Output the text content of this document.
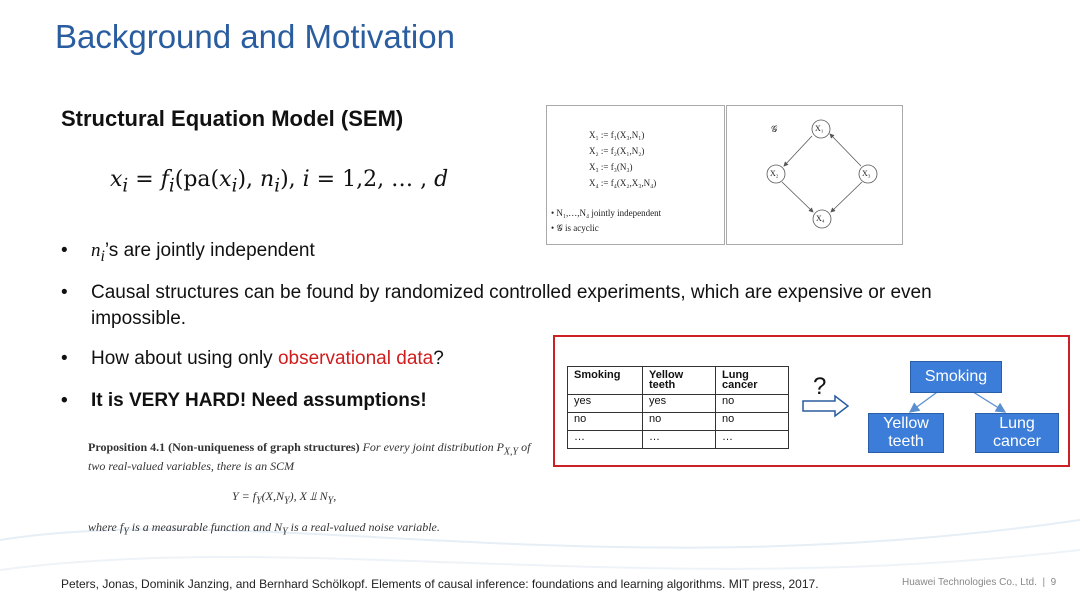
Background and Motivation
Structural Equation Model (SEM)
$x_i = f_i(pa(x_i)$, $n_i$), i = 1,2, … , d
• $n_i’s$ are jointly independent
• Causal structures can be found by randomized controlled experiments, which are expensive or even impossible.
• How about using only observational data?
• It is VERY HARD! Need assumptions!
X₁ := f₁(X₃,N₁)
X₂ := f₂(X₁,N₂)
X₃ := f₃(N₃)
X₄ := f₄(X₂,X₃,N₄)
• N₁,…,N₄ jointly independent
• 𝒢 is acyclic
𝒢	X₁
X₂	X₃
X₄
Proposition 4.1 (Non-uniqueness of graph structures) For every joint distribution $P_{X,Y}$ of two real-valued variables, there is an SCM
$Y = f_Y(X,N_Y)$, X ⫫ $N_Y$,
where $f_Y$ is a measurable function and $N_Y$ is a real-valued noise variable.
Smoking	Yellow teeth	Lung cancer
yes	yes	no
no	no	no
…	…	…
?	Smoking
Yellow teeth
Lung cancer
Peters, Jonas, Dominik Janzing, and Bernhard Schölkopf. Elements of causal inference: foundations and learning algorithms. MIT press, 2017.	Huawei Technologies Co., Ltd. | 9
